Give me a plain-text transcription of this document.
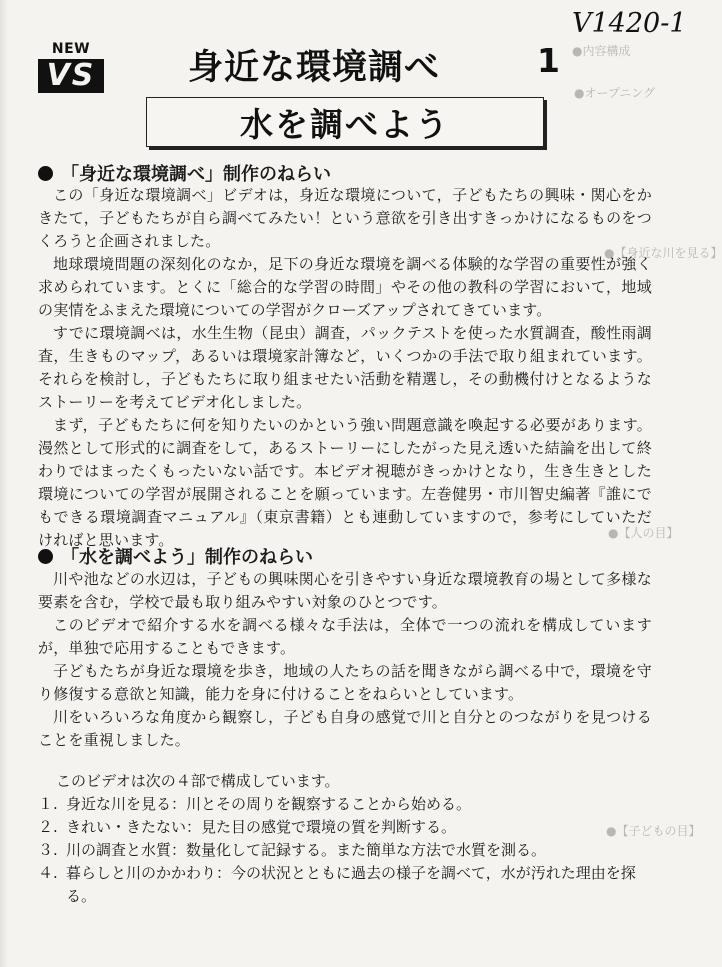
●内容構成
●オープニング
●【身近な川を見る】
●【人の目】
●【子どもの目】
V1420-1
NEW
VS	身近な環境調べ	1
水を調べよう
「身近な環境調べ」制作のねらい

この「身近な環境調べ」ビデオは，身近な環境について，子どもたちの興味・関心をかきたて，子どもたちが自ら調べてみたい！という意欲を引き出すきっかけになるものをつくろうと企画されました。

地球環境問題の深刻化のなか，足下の身近な環境を調べる体験的な学習の重要性が強く求められています。とくに「総合的な学習の時間」やその他の教科の学習において，地域の実情をふまえた環境についての学習がクローズアップされてきています。

すでに環境調べは，水生生物（昆虫）調査，パックテストを使った水質調査，酸性雨調査，生きものマップ，あるいは環境家計簿など，いくつかの手法で取り組まれています。それらを検討し，子どもたちに取り組ませたい活動を精選し，その動機付けとなるようなストーリーを考えてビデオ化しました。

まず，子どもたちに何を知りたいのかという強い問題意識を喚起する必要があります。漫然として形式的に調査をして，あるストーリーにしたがった見え透いた結論を出して終わりではまったくもったいない話です。本ビデオ視聴がきっかけとなり，生き生きとした環境についての学習が展開されることを願っています。左巻健男・市川智史編著『誰にでもできる環境調査マニュアル』（東京書籍）とも連動していますので，参考にしていただければと思います。

「水を調べよう」制作のねらい

川や池などの水辺は，子どもの興味関心を引きやすい身近な環境教育の場として多様な要素を含む，学校で最も取り組みやすい対象のひとつです。

このビデオで紹介する水を調べる様々な手法は，全体で一つの流れを構成していますが，単独で応用することもできます。

子どもたちが身近な環境を歩き，地域の人たちの話を聞きながら調べる中で，環境を守り修復する意欲と知識，能力を身に付けることをねらいとしています。

川をいろいろな角度から観察し，子ども自身の感覚で川と自分とのつながりを見つけることを重視しました。

このビデオは次の４部で構成しています。
１. 身近な川を見る：川とその周りを観察することから始める。
２. きれい・きたない：見た目の感覚で環境の質を判断する。
３. 川の調査と水質：数量化して記録する。また簡単な方法で水質を測る。
４. 暮らしと川のかかわり：今の状況とともに過去の様子を調べて，水が汚れた理由を探る。
